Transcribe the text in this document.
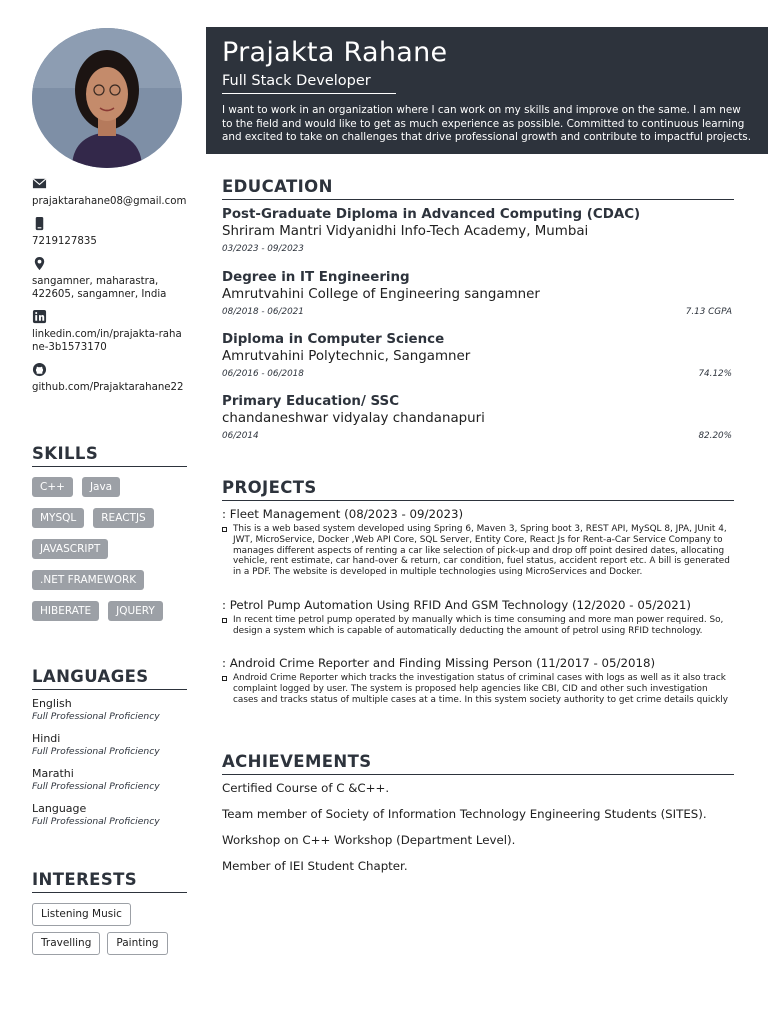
prajaktarahane08@gmail.com
7219127835
sangamner, maharastra, 422605, sangamner, India
linkedin.com/in/prajakta-rahane-3b1573170
github.com/Prajaktarahane22
SKILLS
C++	Java
MYSQL	REACTJS
JAVASCRIPT
.NET FRAMEWORK
HIBERATE	JQUERY
LANGUAGES
English
Full Professional Proficiency
Hindi
Full Professional Proficiency
Marathi
Full Professional Proficiency
Language
Full Professional Proficiency
INTERESTS
Listening Music
Travelling	Painting
Prajakta Rahane
Full Stack Developer
I want to work in an organization where I can work on my skills and improve on the same. I am new to the field and would like to get as much experience as possible. Committed to continuous learning and excited to take on challenges that drive professional growth and contribute to impactful projects.
EDUCATION
Post-Graduate Diploma in Advanced Computing (CDAC)
Shriram Mantri Vidyanidhi Info-Tech Academy, Mumbai
03/2023 - 09/2023
Degree in IT Engineering
Amrutvahini College of Engineering sangamner
08/2018 - 06/2021	7.13 CGPA
Diploma in Computer Science
Amrutvahini Polytechnic, Sangamner
06/2016 - 06/2018	74.12%
Primary Education/ SSC
chandaneshwar vidyalay chandanapuri
06/2014	82.20%
PROJECTS
: Fleet Management (08/2023 - 09/2023)
This is a web based system developed using Spring 6, Maven 3, Spring boot 3, REST API, MySQL 8, JPA, JUnit 4, JWT, MicroService, Docker ,Web API Core, SQL Server, Entity Core, React Js for Rent-a-Car Service Company to manages different aspects of renting a car like selection of pick-up and drop off point desired dates, allocating vehicle, rent estimate, car hand-over & return, car condition, fuel status, accident report etc. A bill is generated in a PDF. The website is developed in multiple technologies using MicroServices and Docker.
: Petrol Pump Automation Using RFID And GSM Technology (12/2020 - 05/2021)
In recent time petrol pump operated by manually which is time consuming and more man power required. So, design a system which is capable of automatically deducting the amount of petrol using RFID technology.
: Android Crime Reporter and Finding Missing Person (11/2017 - 05/2018)
Android Crime Reporter which tracks the investigation status of criminal cases with logs as well as it also track complaint logged by user. The system is proposed help agencies like CBI, CID and other such investigation cases and tracks status of multiple cases at a time. In this system society authority to get crime details quickly
ACHIEVEMENTS
Certified Course of C &C++.
Team member of Society of Information Technology Engineering Students (SITES).
Workshop on C++ Workshop (Department Level).
Member of IEI Student Chapter.
